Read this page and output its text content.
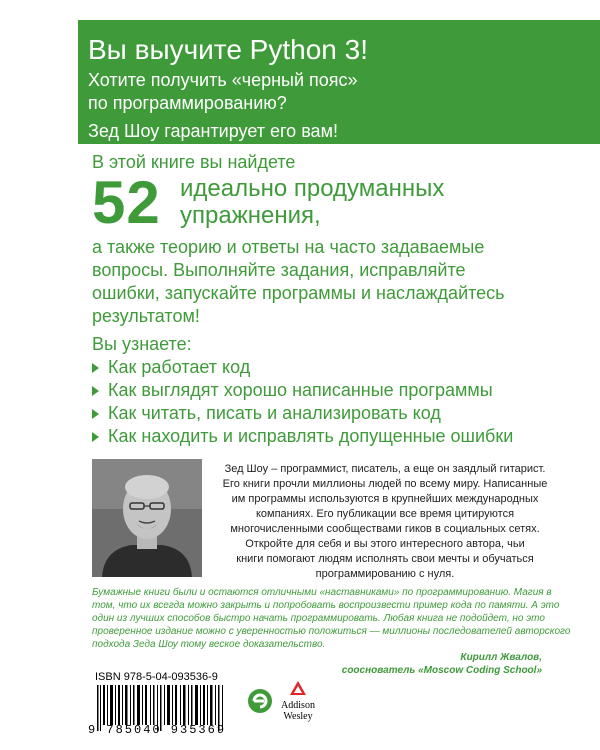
Вы выучите Python 3!
Хотите получить «черный пояс»
по программированию?
Зед Шоу гарантирует его вам!
В этой книге вы найдете
52 идеально продуманных
упражнения,
а также теорию и ответы на часто задаваемые
вопросы. Выполняйте задания, исправляйте
ошибки, запускайте программы и наслаждайтесь
результатом!
Вы узнаете:
Как работает код
Как выглядят хорошо написанные программы
Как читать, писать и анализировать код
Как находить и исправлять допущенные ошибки
Зед Шоу – программист, писатель, а еще он заядлый гитарист.
Его книги прочли миллионы людей по всему миру. Написанные
им программы используются в крупнейших международных
компаниях. Его публикации все время цитируются
многочисленными сообществами гиков в социальных сетях.
Откройте для себя и вы этого интересного автора, чьи
книги помогают людям исполнять свои мечты и обучаться
программированию с нуля.
Бумажные книги были и остаются отличными «наставниками» по программированию. Магия в
том, что их всегда можно закрыть и попробовать воспроизвести пример кода по памяти. А это
один из лучших способов быстро начать программировать. Любая книга не подойдет, но это
проверенное издание можно с уверенностью положиться — миллионы последователей авторского
подхода Зеда Шоу тому веское доказательство.
Кирилл Жвалов,
сооснователь «Moscow Coding School»
ISBN 978-5-04-093536-9
9 785040 935369
Addison
Wesley
